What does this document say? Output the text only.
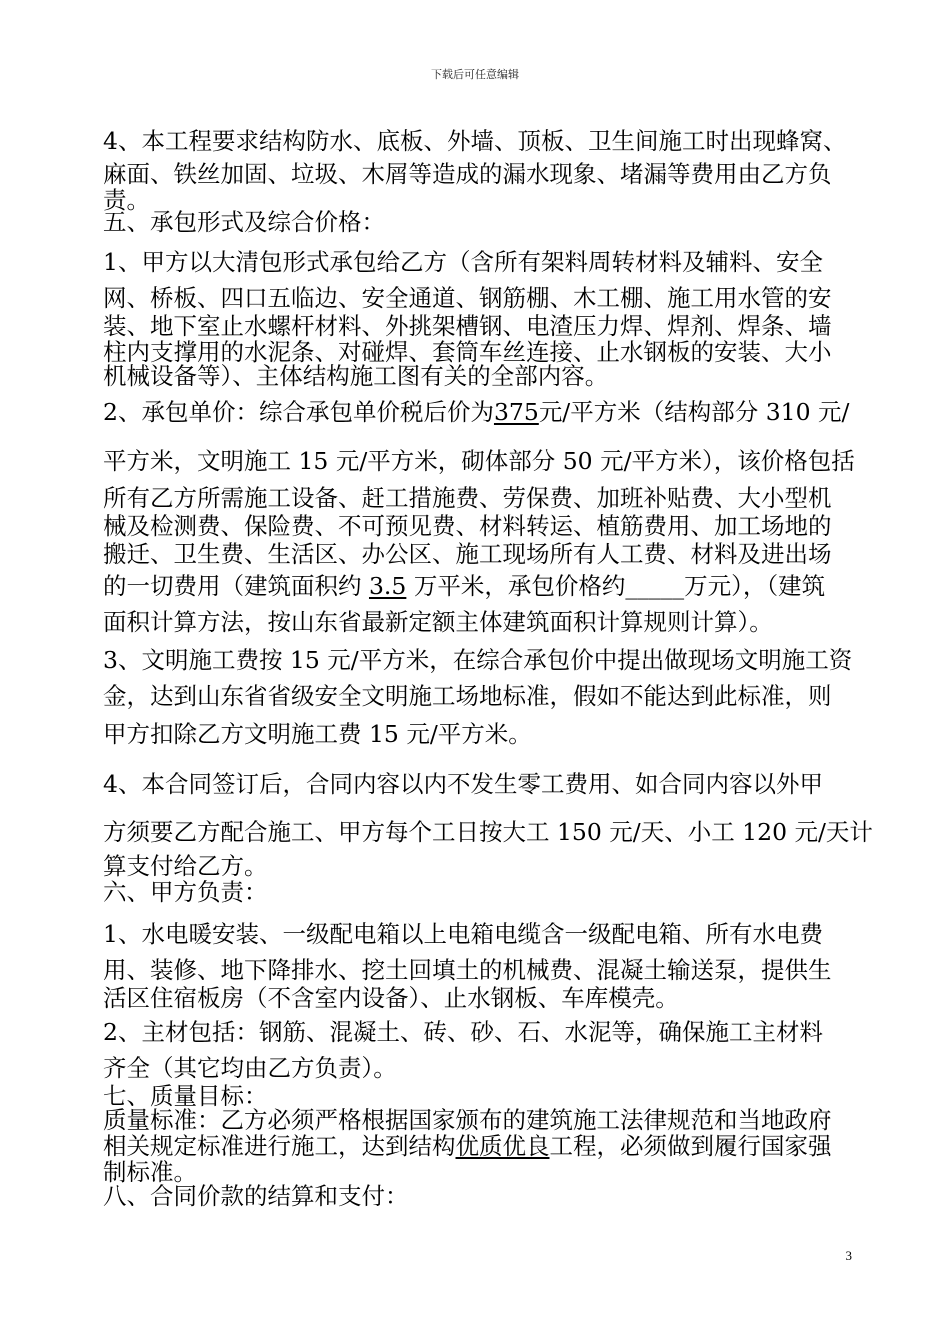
下载后可任意编辑
4、本工程要求结构防水、底板、外墙、顶板、卫生间施工时出现蜂窝、
麻面、铁丝加固、垃圾、木屑等造成的漏水现象、堵漏等费用由乙方负
责。
五、承包形式及综合价格：
1、甲方以大清包形式承包给乙方（含所有架料周转材料及辅料、安全
网、桥板、四口五临边、安全通道、钢筋棚、木工棚、施工用水管的安
装、地下室止水螺杆材料、外挑架槽钢、电渣压力焊、焊剂、焊条、墙
柱内支撑用的水泥条、对碰焊、套筒车丝连接、止水钢板的安装、大小
机械设备等）、主体结构施工图有关的全部内容。
2、承包单价：综合承包单价税后价为375元/平方米（结构部分 310 元/
平方米，文明施工 15 元/平方米，砌体部分 50 元/平方米），该价格包括
所有乙方所需施工设备、赶工措施费、劳保费、加班补贴费、大小型机
械及检测费、保险费、不可预见费、材料转运、植筋费用、加工场地的
搬迁、卫生费、生活区、办公区、施工现场所有人工费、材料及进出场
的一切费用（建筑面积约 3.5 万平米，承包价格约_____万元），（建筑
面积计算方法，按山东省最新定额主体建筑面积计算规则计算）。
3、文明施工费按 15 元/平方米，在综合承包价中提出做现场文明施工资
金，达到山东省省级安全文明施工场地标准，假如不能达到此标准，则
甲方扣除乙方文明施工费 15 元/平方米。
4、本合同签订后，合同内容以内不发生零工费用、如合同内容以外甲
方须要乙方配合施工、甲方每个工日按大工 150 元/天、小工 120 元/天计
算支付给乙方。
六、甲方负责：
1、水电暖安装、一级配电箱以上电箱电缆含一级配电箱、所有水电费
用、装修、地下降排水、挖土回填土的机械费、混凝土输送泵，提供生
活区住宿板房（不含室内设备）、止水钢板、车库模壳。
2、主材包括：钢筋、混凝土、砖、砂、石、水泥等，确保施工主材料
齐全（其它均由乙方负责）。
七、质量目标：
质量标准：乙方必须严格根据国家颁布的建筑施工法律规范和当地政府
相关规定标准进行施工，达到结构优质优良工程，必须做到履行国家强
制标准。
八、合同价款的结算和支付：
3
